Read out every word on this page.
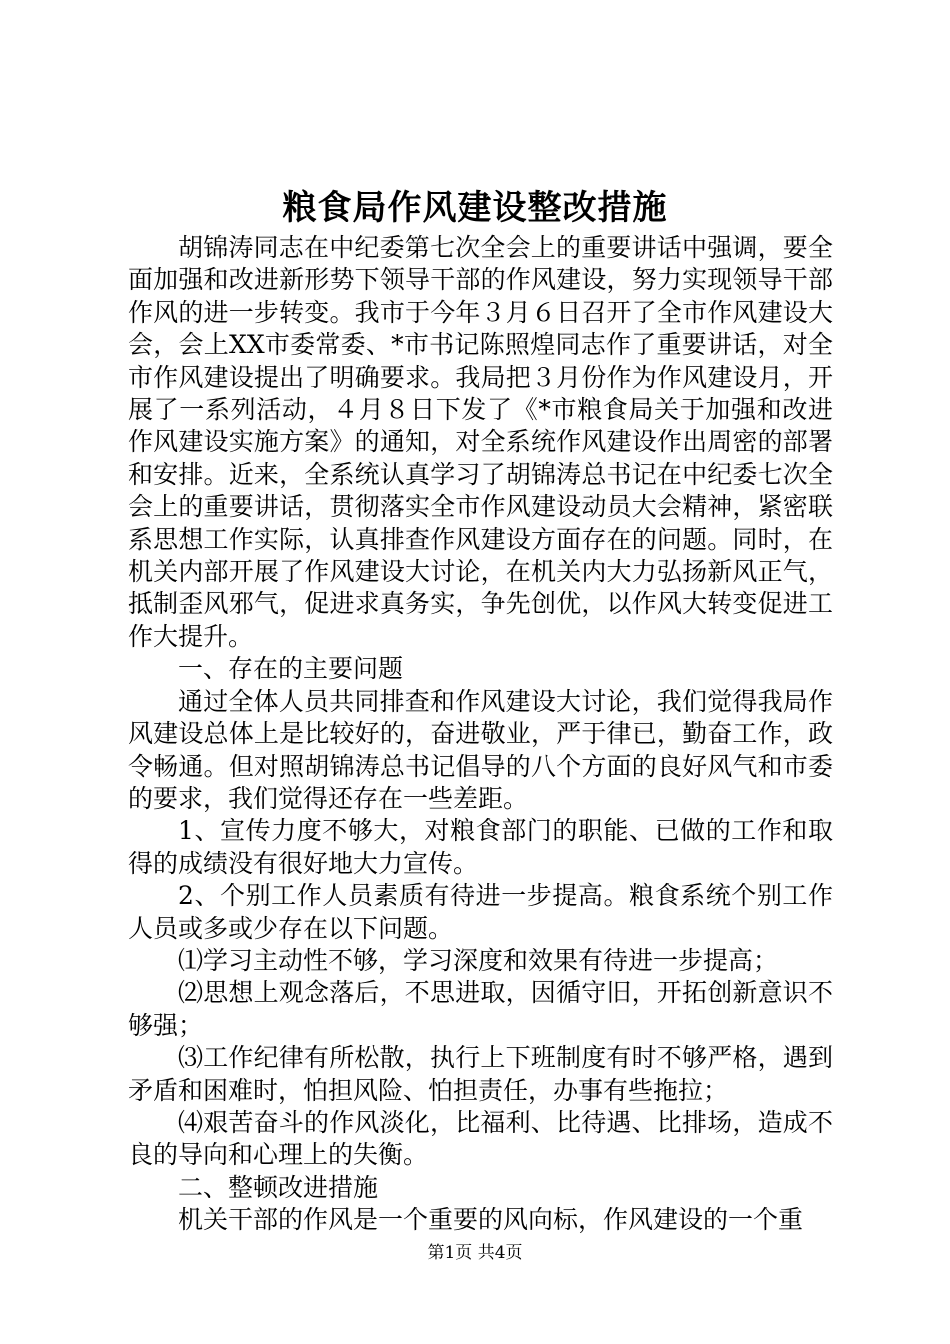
粮食局作风建设整改措施

胡锦涛同志在中纪委第七次全会上的重要讲话中强调，要全面加强和改进新形势下领导干部的作风建设，努力实现领导干部作风的进一步转变。我市于今年３月６日召开了全市作风建设大会，会上XX市委常委、*市书记陈照煌同志作了重要讲话，对全市作风建设提出了明确要求。我局把３月份作为作风建设月，开展了一系列活动，４月８日下发了《*市粮食局关于加强和改进作风建设实施方案》的通知，对全系统作风建设作出周密的部署和安排。近来，全系统认真学习了胡锦涛总书记在中纪委七次全会上的重要讲话，贯彻落实全市作风建设动员大会精神，紧密联系思想工作实际，认真排查作风建设方面存在的问题。同时，在机关内部开展了作风建设大讨论，在机关内大力弘扬新风正气，抵制歪风邪气，促进求真务实，争先创优，以作风大转变促进工作大提升。

一、存在的主要问题

通过全体人员共同排查和作风建设大讨论，我们觉得我局作风建设总体上是比较好的，奋进敬业，严于律已，勤奋工作，政令畅通。但对照胡锦涛总书记倡导的八个方面的良好风气和市委的要求，我们觉得还存在一些差距。

1、宣传力度不够大，对粮食部门的职能、已做的工作和取得的成绩没有很好地大力宣传。

2、个别工作人员素质有待进一步提高。粮食系统个别工作人员或多或少存在以下问题。

⑴学习主动性不够，学习深度和效果有待进一步提高；

⑵思想上观念落后，不思进取，因循守旧，开拓创新意识不够强；

⑶工作纪律有所松散，执行上下班制度有时不够严格，遇到矛盾和困难时，怕担风险、怕担责任，办事有些拖拉；

⑷艰苦奋斗的作风淡化，比福利、比待遇、比排场，造成不良的导向和心理上的失衡。

二、整顿改进措施

机关干部的作风是一个重要的风向标，作风建设的一个重

第1页 共4页
